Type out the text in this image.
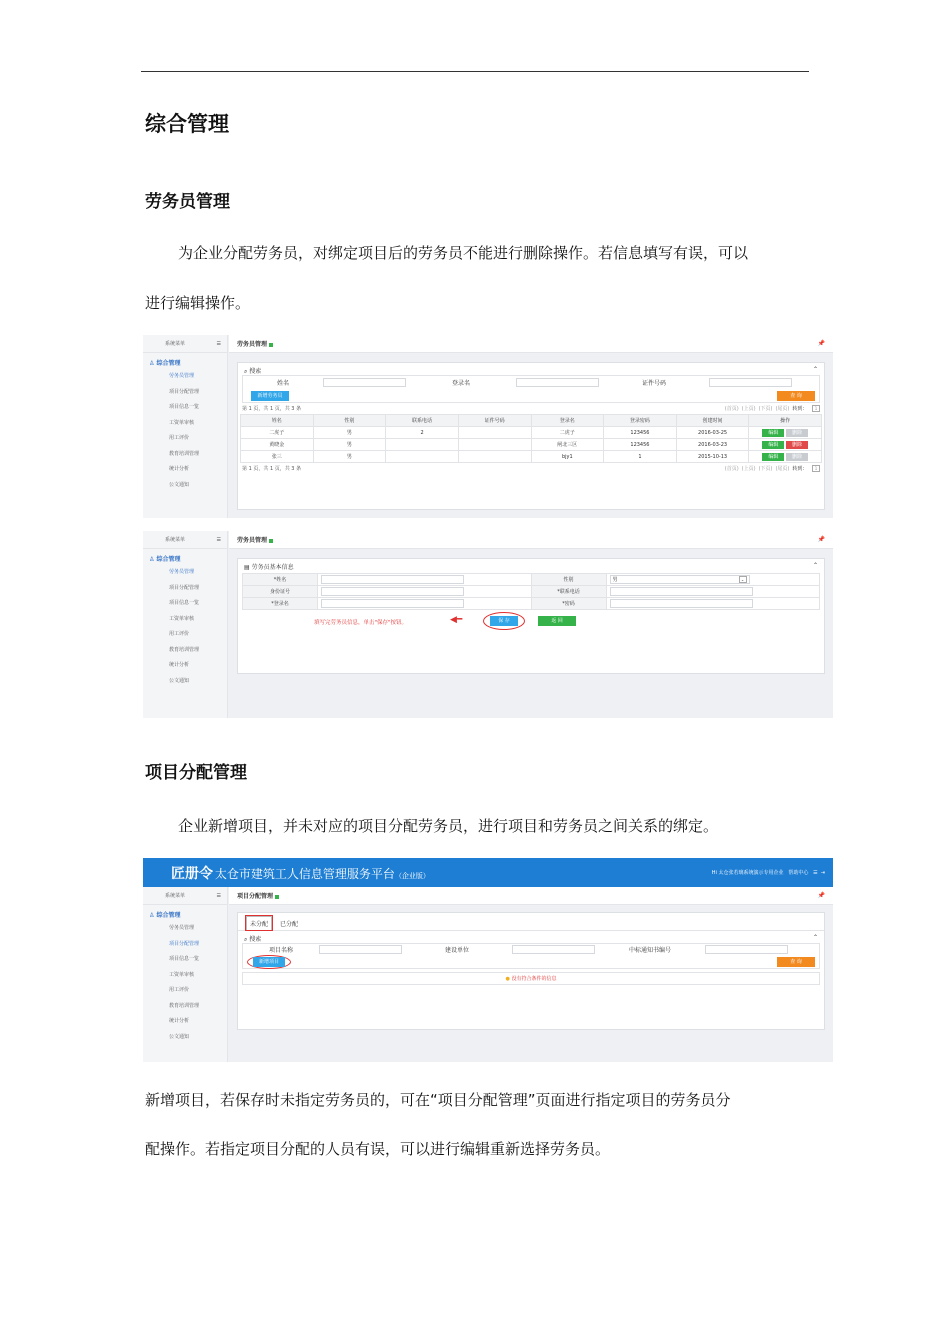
综合管理
劳务员管理
为企业分配劳务员，对绑定项目后的劳务员不能进行删除操作。若信息填写有误，可以
进行编辑操作。
系统菜单	☰
♙ 综合管理
劳务员管理
项目分配管理
项目信息一览
工资单审核
用工评价
教育培训管理
统计分析
公文通知
劳务员管理	📌
⌕ 搜索	⌃
姓名	登录名	证件号码
新增劳务员	查 询
第 1 页，共 1 页，共 3 条	(首页) (上页) (下页) (尾页) 转到： 1
姓名	性别	联系电话	证件号码	登录名	登录密码	创建时间	操作
二虎子	男	2		二虎子	123456	2016-03-25	编辑 删除
黄晓金	男			闸北三区	123456	2016-03-23	编辑 删除
张三	男			bjy1	1	2015-10-13	编辑 删除
第 1 页，共 1 页，共 3 条	(首页) (上页) (下页) (尾页) 转到： 1
系统菜单	☰
♙ 综合管理
劳务员管理
项目分配管理
项目信息一览
工资单审核
用工评价
教育培训管理
统计分析
公文通知
劳务员管理	📌
▤ 劳务员基本信息	⌃
*姓名		性别	男 ⌄

身份证号		*联系电话	

*登录名		*密码	
填写完劳务员信息，单击"保存"按钮。	◀━	保 存	返 回
项目分配管理
企业新增项目，并未对应的项目分配劳务员，进行项目和劳务员之间关系的绑定。
匠册令 太仓市建筑工人信息管理服务平台（企业版）	Hi 太仓张若璃系统演示专用企业 帮助中心 ☰ ⇥
系统菜单	☰
♙ 综合管理
劳务员管理
项目分配管理
项目信息一览
工资单审核
用工评价
教育培训管理
统计分析
公文通知
项目分配管理	📌
未分配	已分配
⌕ 搜索	⌃
项目名称	建设单位	中标通知书编号
新增项目	查 询
●
没有符合条件的信息
新增项目，若保存时未指定劳务员的，可在“项目分配管理”页面进行指定项目的劳务员分
配操作。若指定项目分配的人员有误，可以进行编辑重新选择劳务员。
